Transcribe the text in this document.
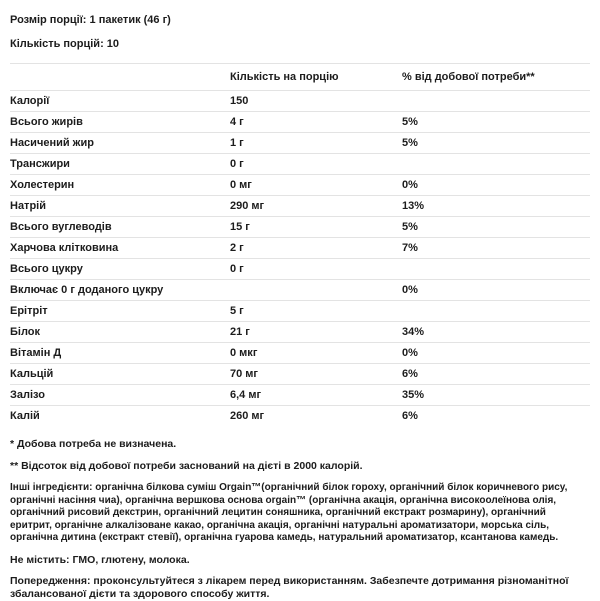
Розмір порції: 1 пакетик (46 г)

Кількість порцій: 10

	Кількість на порцію	% від добової потреби**
Калорії	150	
Всього жирів	4 г	5%
Насичений жир	1 г	5%
Трансжири	0 г	
Холестерин	0 мг	0%
Натрій	290 мг	13%
Всього вуглеводів	15 г	5%
Харчова клітковина	2 г	7%
Всього цукру	0 г	
Включає 0 г доданого цукру		0%
Ерітріт	5 г	
Білок	21 г	34%
Вітамін Д	0 мкг	0%
Кальцій	70 мг	6%
Залізо	6,4 мг	35%
Калій	260 мг	6%

* Добова потреба не визначена.

** Відсоток від добової потреби заснований на дієті в 2000 калорій.

Інші інгредієнти: органічна білкова суміш Orgain™(органічний білок гороху, органічний білок коричневого рису, органічні насіння чиа), органічна вершкова основа orgain™ (органічна акація, органічна високоолеїнова олія, органічний рисовий декстрин, органічний лецитин соняшника, органічний екстракт розмарину), органічний еритрит, органічне алкалізоване какао, органічна акація, органічні натуральні ароматизатори, морська сіль, органічна дитина (екстракт стевії), органічна гуарова камедь, натуральний ароматизатор, ксантанова камедь.

Не містить: ГМО, глютену, молока.

Попередження: проконсультуйтеся з лікарем перед використанням. Забезпечте дотримання різноманітної збалансованої дієти та здорового способу життя.
